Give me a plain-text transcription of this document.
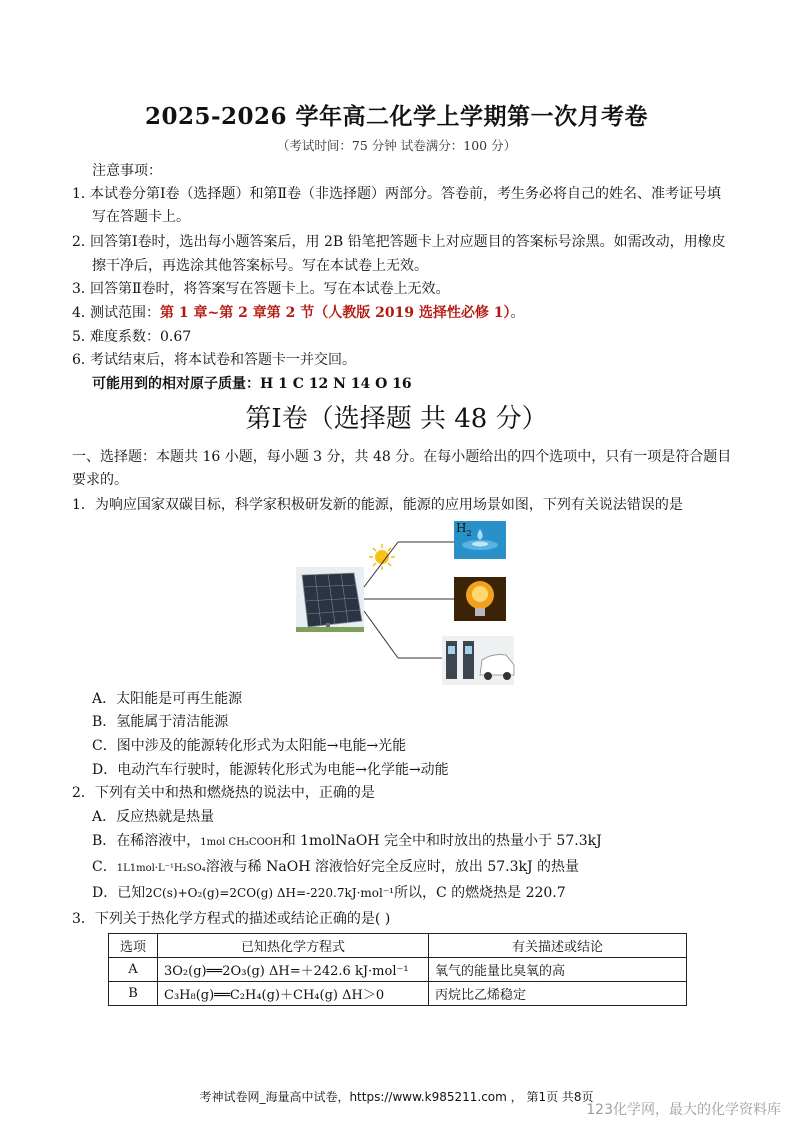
2025-2026 学年高二化学上学期第一次月考卷
（考试时间：75 分钟 试卷满分：100 分）
注意事项：
1．本试卷分第Ⅰ卷（选择题）和第Ⅱ卷（非选择题）两部分。答卷前，考生务必将自己的姓名、准考证号填
写在答题卡上。
2．回答第Ⅰ卷时，选出每小题答案后，用 2B 铅笔把答题卡上对应题目的答案标号涂黑。如需改动，用橡皮
擦干净后，再选涂其他答案标号。写在本试卷上无效。
3．回答第Ⅱ卷时，将答案写在答题卡上。写在本试卷上无效。
4．测试范围：第 1 章~第 2 章第 2 节（人教版 2019 选择性必修 1）。
5．难度系数：0.67
6．考试结束后，将本试卷和答题卡一并交回。
可能用到的相对原子质量：H 1 C 12 N 14 O 16
第Ⅰ卷（选择题 共 48 分）
一、选择题：本题共 16 小题，每小题 3 分，共 48 分。在每小题给出的四个选项中，只有一项是符合题目
要求的。
1．为响应国家双碳目标，科学家积极研发新的能源，能源的应用场景如图，下列有关说法错误的是
$H_2$
A．太阳能是可再生能源
B．氢能属于清洁能源
C．图中涉及的能源转化形式为太阳能→电能→光能
D．电动汽车行驶时，能源转化形式为电能→化学能→动能
2．下列有关中和热和燃烧热的说法中，正确的是
A．反应热就是热量
B．在稀溶液中，1mol CH₃COOH和 1molNaOH 完全中和时放出的热量小于 57.3kJ
C．1L1mol·L⁻¹H₂SO₄溶液与稀 NaOH 溶液恰好完全反应时，放出 57.3kJ 的热量
D．已知2C(s)+O₂(g)=2CO(g) ΔH=-220.7kJ·mol⁻¹所以，C 的燃烧热是 220.7
3．下列关于热化学方程式的描述或结论正确的是( )
选项	已知热化学方程式	有关描述或结论
A	3O₂(g)══2O₃(g) ΔH=＋242.6 kJ·mol⁻¹	氧气的能量比臭氧的高
B	C₃H₈(g)══C₂H₄(g)＋CH₄(g) ΔH＞0	丙烷比乙烯稳定
考神试卷网_海量高中试卷，https://www.k985211.com ， 第1页 共8页
123化学网，最大的化学资料库
